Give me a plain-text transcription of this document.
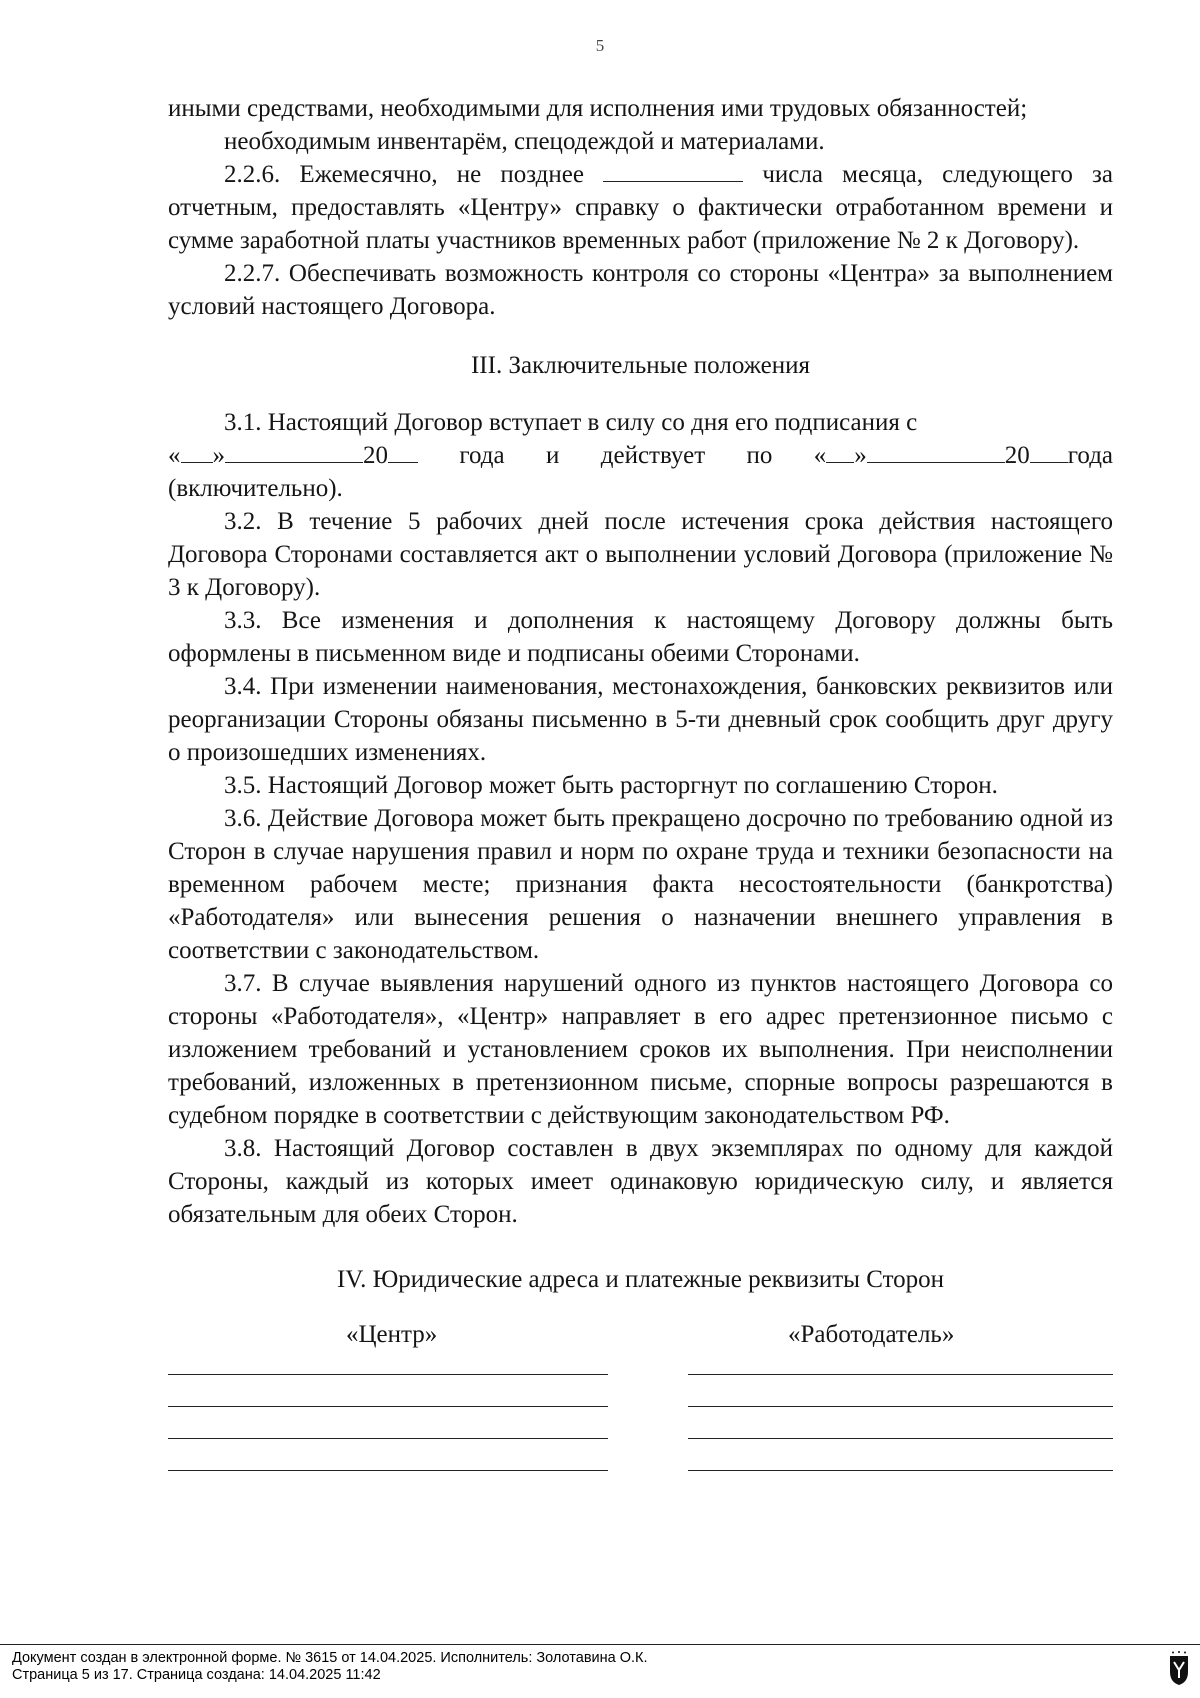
5

иными средствами, необходимыми для исполнения ими трудовых обязанностей;

необходимым инвентарём, спецодеждой и материалами.

2.2.6. Ежемесячно, не позднее	числа месяца, следующего за отчетным, предоставлять «Центру» справку о фактически отработанном времени и сумме заработной платы участников временных работ (приложение № 2 к Договору).

2.2.7. Обеспечивать возможность контроля со стороны «Центра» за выполнением условий настоящего Договора.

III. Заключительные положения

3.1. Настоящий Договор вступает в силу со дня его подписания с

« »	20	года и действует по « »	20 года

(включительно).

3.2. В течение 5 рабочих дней после истечения срока действия настоящего Договора Сторонами составляется акт о выполнении условий Договора (приложение № 3 к Договору).

3.3. Все изменения и дополнения к настоящему Договору должны быть оформлены в письменном виде и подписаны обеими Сторонами.

3.4. При изменении наименования, местонахождения, банковских реквизитов или реорганизации Стороны обязаны письменно в 5-ти дневный срок сообщить друг другу о произошедших изменениях.

3.5. Настоящий Договор может быть расторгнут по соглашению Сторон.

3.6. Действие Договора может быть прекращено досрочно по требованию одной из Сторон в случае нарушения правил и норм по охране труда и техники безопасности на временном рабочем месте; признания факта несостоятельности (банкротства) «Работодателя» или вынесения решения о назначении внешнего управления в соответствии с законодательством.

3.7. В случае выявления нарушений одного из пунктов настоящего Договора со стороны «Работодателя», «Центр» направляет в его адрес претензионное письмо с изложением требований и установлением сроков их выполнения. При неисполнении требований, изложенных в претензионном письме, спорные вопросы разрешаются в судебном порядке в соответствии с действующим законодательством РФ.

3.8. Настоящий Договор составлен в двух экземплярах по одному для каждой Стороны, каждый из которых имеет одинаковую юридическую силу, и является обязательным для обеих Сторон.

IV. Юридические адреса и платежные реквизиты Сторон
«Центр»	«Работодатель»
Документ создан в электронной форме. № 3615 от 14.04.2025. Исполнитель: Золотавина О.К.
Страница 5 из 17. Страница создана: 14.04.2025 11:42
